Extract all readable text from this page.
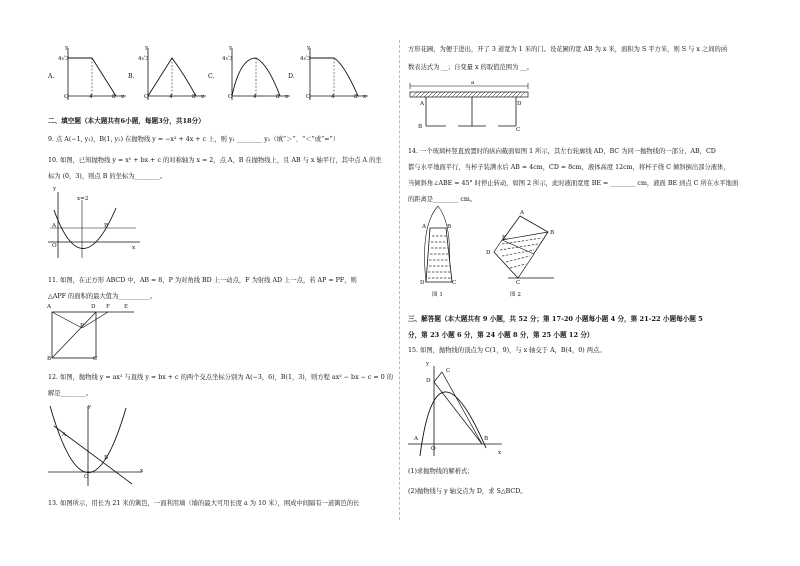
A.
y
4√3
O	4	8 x
B.
y
4√3
O	4	8 x
C.
y
4√3
O	4	8 x
D.
y
4√3
O	4	8 x
二、填空题（本大题共有6小题，每题3分，共18分）
9. 点 A(−1, y₁)，B(1, y₂) 在抛物线 y = −x² + 4x + c 上，则 y₁ ________ y₂（填“＞”、“＜”或“=”）
10. 如图，已知抛物线 y = x² + bx + c 的对称轴为 x = 2，点 A，B 在抛物线上，且 AB 与 x 轴平行，其中点 A 的坐
标为 (0，3)，则点 B 的坐标为________。
y
x=2
A	B
O	x
11. 如图，在正方形 ABCD 中，AB = 8，P 为对角线 BD 上一动点，F 为射线 AD 上一点，若 AP = PF，则
△APF 的面积的最大值为__________。
A	D F	E
P
B	C
12. 如图，抛物线 y = ax² 与直线 y = bx + c 的两个交点坐标分别为 A(−3，6)，B(1，3)，则方程 ax² − bx − c = 0 的
解是________。
y
A
B
O
x
13. 如图所示，用长为 21 米的篱笆，一面利用墙（墙的最大可用长度 a 为 10 米），围成中间隔有一道篱笆的长
方形花圃，为便于进出，开了 3 道宽为 1 米的门。设花圃的宽 AB 为 x 米，面积为 S 平方米，则 S 与 x 之间的函
数表达式为 __；自变量 x 的取值范围为 __。
a
A	D
B	C
14. 一个玻璃杯竖直放置时的纵向截面如图 1 所示，其左右轮廓线 AD，BC 为同一抛物线的一部分，AB，CD
都与水平地面平行，当杯子装满水后 AB = 4cm，CD = 8cm，液体高度 12cm，将杯子绕 C 倾斜倒出部分液体，
当倾斜角∠ABE = 45° 时停止转动，如图 2 所示，此时液面宽度 BE = ________ cm，液面 BE 到点 C 所在水平地面
的距离是________ cm。
A	B
D	C
图 1
A
E
B
D
C
图 2
三、解答题（本大题共有 9 小题，共 52 分；第 17-20 小题每小题 4 分，第 21-22 小题每小题 5
分，第 23 小题 6 分，第 24 小题 8 分，第 25 小题 12 分）
15. 如图，抛物线的顶点为 C(1，9)，与 x 轴交于 A，B(4，0) 两点。
y
C
D
A
O
B
x
(1)求抛物线的解析式；
(2)抛物线与 y 轴交点为 D，求 S△BCD。
